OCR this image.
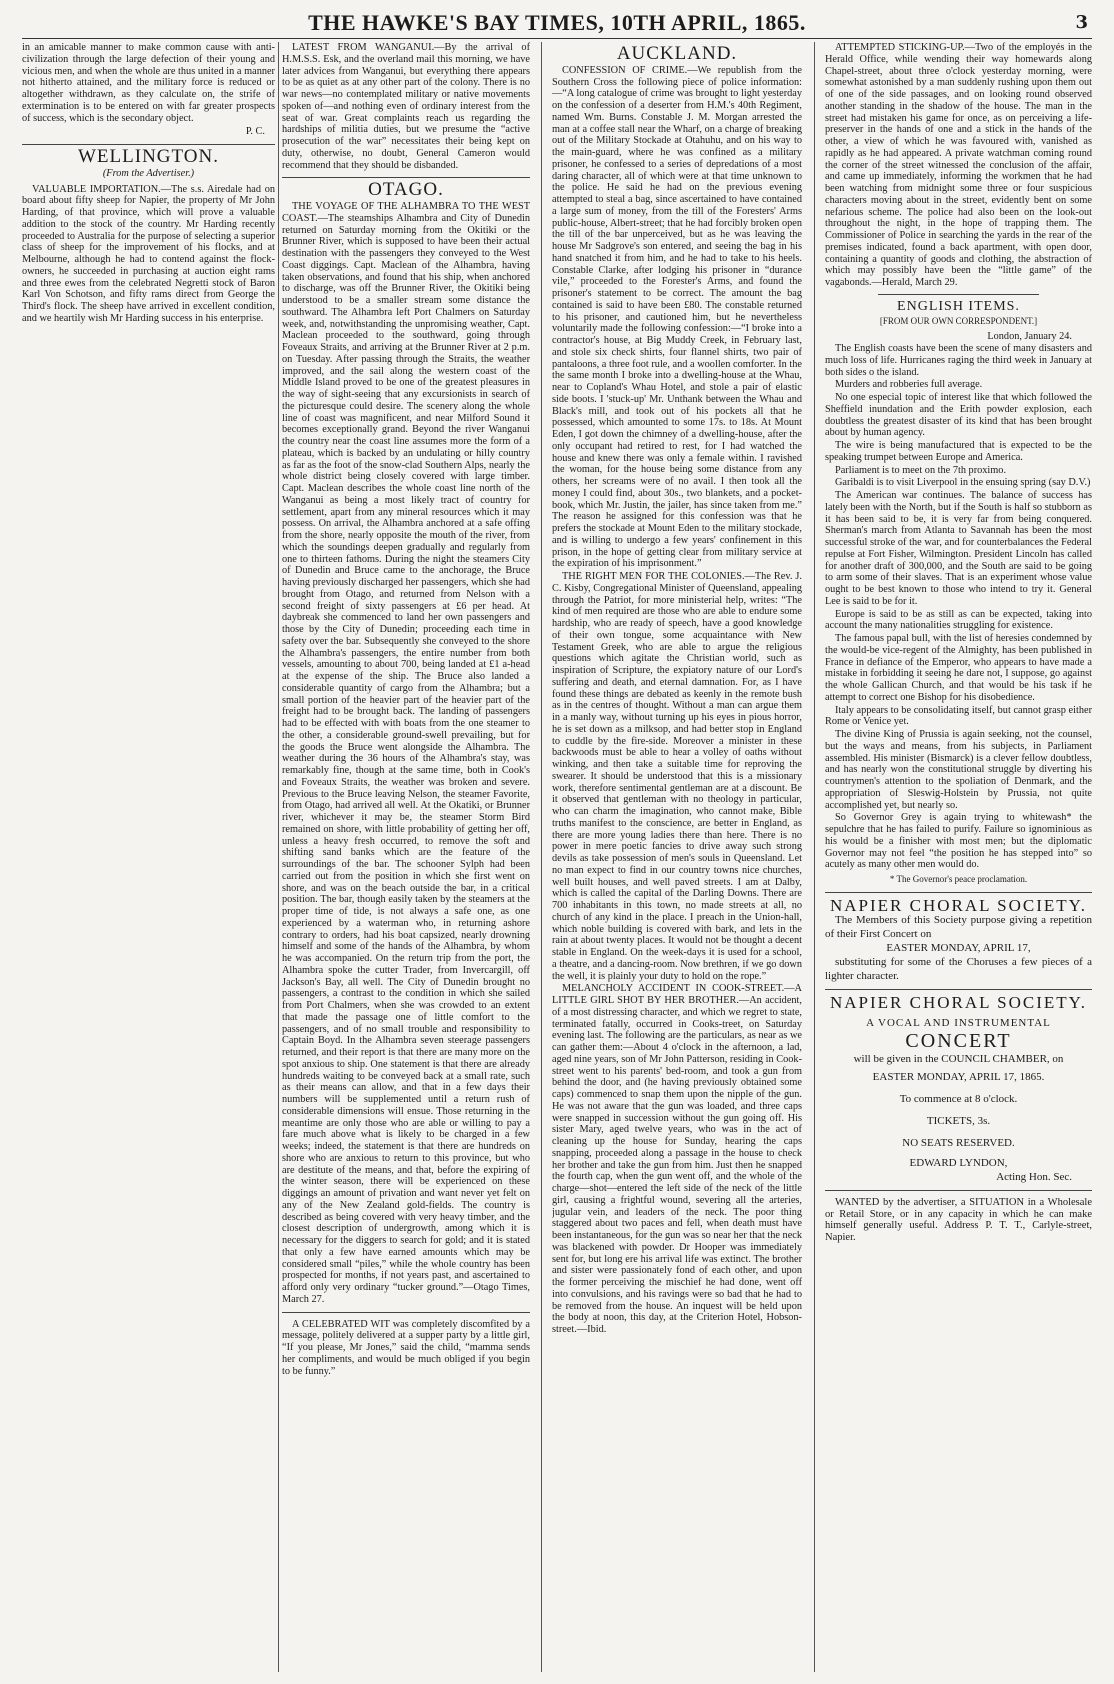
THE HAWKE'S BAY TIMES, 10TH APRIL, 1865.	3

in an amicable manner to make common cause with anti-civilization through the large defection of their young and vicious men, and when the whole are thus united in a manner not hitherto attained, and the military force is reduced or altogether withdrawn, as they calculate on, the strife of extermination is to be entered on with far greater prospects of success, which is the secondary object.

P. C.
WELLINGTON.
(From the Advertiser.)

VALUABLE IMPORTATION.—The s.s. Airedale had on board about fifty sheep for Napier, the property of Mr John Harding, of that province, which will prove a valuable addition to the stock of the country. Mr Harding recently proceeded to Australia for the purpose of selecting a superior class of sheep for the improvement of his flocks, and at Melbourne, although he had to contend against the flock-owners, he succeeded in purchasing at auction eight rams and three ewes from the celebrated Negretti stock of Baron Karl Von Schotson, and fifty rams direct from George the Third's flock. The sheep have arrived in excellent condition, and we heartily wish Mr Harding success in his enterprise.

LATEST FROM WANGANUI.—By the arrival of H.M.S.S. Esk, and the overland mail this morning, we have later advices from Wanganui, but everything there appears to be as quiet as at any other part of the colony. There is no war news—no contemplated military or native movements spoken of—and nothing even of ordinary interest from the seat of war. Great complaints reach us regarding the hardships of militia duties, but we presume the “active prosecution of the war” necessitates their being kept on duty, otherwise, no doubt, General Cameron would recommend that they should be disbanded.

OTAGO.

THE VOYAGE OF THE ALHAMBRA TO THE WEST COAST.—The steamships Alhambra and City of Dunedin returned on Saturday morning from the Okitiki or the Brunner River, which is supposed to have been their actual destination with the passengers they conveyed to the West Coast diggings. Capt. Maclean of the Alhambra, having taken observations, and found that his ship, when anchored to discharge, was off the Brunner River, the Okitiki being understood to be a smaller stream some distance the southward. The Alhambra left Port Chalmers on Saturday week, and, notwithstanding the unpromising weather, Capt. Maclean proceeded to the southward, going through Foveaux Straits, and arriving at the Brunner River at 2 p.m. on Tuesday. After passing through the Straits, the weather improved, and the sail along the western coast of the Middle Island proved to be one of the greatest pleasures in the way of sight-seeing that any excursionists in search of the picturesque could desire. The scenery along the whole line of coast was magnificent, and near Milford Sound it becomes exceptionally grand. Beyond the river Wanganui the country near the coast line assumes more the form of a plateau, which is backed by an undulating or hilly country as far as the foot of the snow-clad Southern Alps, nearly the whole district being closely covered with large timber. Capt. Maclean describes the whole coast line north of the Wanganui as being a most likely tract of country for settlement, apart from any mineral resources which it may possess. On arrival, the Alhambra anchored at a safe offing from the shore, nearly opposite the mouth of the river, from which the soundings deepen gradually and regularly from one to thirteen fathoms. During the night the steamers City of Dunedin and Bruce came to the anchorage, the Bruce having previously discharged her passengers, which she had brought from Otago, and returned from Nelson with a second freight of sixty passengers at £6 per head. At daybreak she commenced to land her own passengers and those by the City of Dunedin; proceeding each time in safety over the bar. Subsequently she conveyed to the shore the Alhambra's passengers, the entire number from both vessels, amounting to about 700, being landed at £1 a-head at the expense of the ship. The Bruce also landed a considerable quantity of cargo from the Alhambra; but a small portion of the heavier part of the heavier part of the freight had to be brought back. The landing of passengers had to be effected with with boats from the one steamer to the other, a considerable ground-swell prevailing, but for the goods the Bruce went alongside the Alhambra. The weather during the 36 hours of the Alhambra's stay, was remarkably fine, though at the same time, both in Cook's and Foveaux Straits, the weather was broken and severe. Previous to the Bruce leaving Nelson, the steamer Favorite, from Otago, had arrived all well. At the Okatiki, or Brunner river, whichever it may be, the steamer Storm Bird remained on shore, with little probability of getting her off, unless a heavy fresh occurred, to remove the soft and shifting sand banks which are the feature of the surroundings of the bar. The schooner Sylph had been carried out from the position in which she first went on shore, and was on the beach outside the bar, in a critical position. The bar, though easily taken by the steamers at the proper time of tide, is not always a safe one, as one experienced by a waterman who, in returning ashore contrary to orders, had his boat capsized, nearly drowning himself and some of the hands of the Alhambra, by whom he was accompanied. On the return trip from the port, the Alhambra spoke the cutter Trader, from Invercargill, off Jackson's Bay, all well. The City of Dunedin brought no passengers, a contrast to the condition in which she sailed from Port Chalmers, when she was crowded to an extent that made the passage one of little comfort to the passengers, and of no small trouble and responsibility to Captain Boyd. In the Alhambra seven steerage passengers returned, and their report is that there are many more on the spot anxious to ship. One statement is that there are already hundreds waiting to be conveyed back at a small rate, such as their means can allow, and that in a few days their numbers will be supplemented until a return rush of considerable dimensions will ensue. Those returning in the meantime are only those who are able or willing to pay a fare much above what is likely to be charged in a few weeks; indeed, the statement is that there are hundreds on shore who are anxious to return to this province, but who are destitute of the means, and that, before the expiring of the winter season, there will be experienced on these diggings an amount of privation and want never yet felt on any of the New Zealand gold-fields. The country is described as being covered with very heavy timber, and the closest description of undergrowth, among which it is necessary for the diggers to search for gold; and it is stated that only a few have earned amounts which may be considered small “piles,” while the whole country has been prospected for months, if not years past, and ascertained to afford only very ordinary “tucker ground.”—Otago Times, March 27.

A CELEBRATED WIT was completely discomfited by a message, politely delivered at a supper party by a little girl, “If you please, Mr Jones,” said the child, “mamma sends her compliments, and would be much obliged if you begin to be funny.”

AUCKLAND.

CONFESSION OF CRIME.—We republish from the Southern Cross the following piece of police information:—“A long catalogue of crime was brought to light yesterday on the confession of a deserter from H.M.'s 40th Regiment, named Wm. Burns. Constable J. M. Morgan arrested the man at a coffee stall near the Wharf, on a charge of breaking out of the Military Stockade at Otahuhu, and on his way to the main-guard, where he was confined as a military prisoner, he confessed to a series of depredations of a most daring character, all of which were at that time unknown to the police. He said he had on the previous evening attempted to steal a bag, since ascertained to have contained a large sum of money, from the till of the Foresters' Arms public-house, Albert-street; that he had forcibly broken open the till of the bar unperceived, but as he was leaving the house Mr Sadgrove's son entered, and seeing the bag in his hand snatched it from him, and he had to take to his heels. Constable Clarke, after lodging his prisoner in “durance vile,” proceeded to the Forester's Arms, and found the prisoner's statement to be correct. The amount the bag contained is said to have been £80. The constable returned to his prisoner, and cautioned him, but he nevertheless voluntarily made the following confession:—“I broke into a contractor's house, at Big Muddy Creek, in February last, and stole six check shirts, four flannel shirts, two pair of pantaloons, a three foot rule, and a woollen comforter. In the the same month I broke into a dwelling-house at the Whau, near to Copland's Whau Hotel, and stole a pair of elastic side boots. I 'stuck-up' Mr. Unthank between the Whau and Black's mill, and took out of his pockets all that he possessed, which amounted to some 17s. to 18s. At Mount Eden, I got down the chimney of a dwelling-house, after the only occupant had retired to rest, for I had watched the house and knew there was only a female within. I ravished the woman, for the house being some distance from any others, her screams were of no avail. I then took all the money I could find, about 30s., two blankets, and a pocket-book, which Mr. Justin, the jailer, has since taken from me.” The reason he assigned for this confession was that he prefers the stockade at Mount Eden to the military stockade, and is willing to undergo a few years' confinement in this prison, in the hope of getting clear from military service at the expiration of his imprisonment.”

THE RIGHT MEN FOR THE COLONIES.—The Rev. J. C. Kisby, Congregational Minister of Queensland, appealing through the Patriot, for more ministerial help, writes: “The kind of men required are those who are able to endure some hardship, who are ready of speech, have a good knowledge of their own tongue, some acquaintance with New Testament Greek, who are able to argue the religious questions which agitate the Christian world, such as inspiration of Scripture, the expiatory nature of our Lord's suffering and death, and eternal damnation. For, as I have found these things are debated as keenly in the remote bush as in the centres of thought. Without a man can argue them in a manly way, without turning up his eyes in pious horror, he is set down as a milksop, and had better stop in England to cuddle by the fire-side. Moreover a minister in these backwoods must be able to hear a volley of oaths without winking, and then take a suitable time for reproving the swearer. It should be understood that this is a missionary work, therefore sentimental gentleman are at a discount. Be it observed that gentleman with no theology in particular, who can charm the imagination, who cannot make, Bible truths manifest to the conscience, are better in England, as there are more young ladies there than here. There is no power in mere poetic fancies to drive away such strong devils as take possession of men's souls in Queensland. Let no man expect to find in our country towns nice churches, well built houses, and well paved streets. I am at Dalby, which is called the capital of the Darling Downs. There are 700 inhabitants in this town, no made streets at all, no church of any kind in the place. I preach in the Union-hall, which noble building is covered with bark, and lets in the rain at about twenty places. It would not be thought a decent stable in England. On the week-days it is used for a school, a theatre, and a dancing-room. Now brethren, if we go down the well, it is plainly your duty to hold on the rope.”

MELANCHOLY ACCIDENT IN COOK-STREET.—A LITTLE GIRL SHOT BY HER BROTHER.—An accident, of a most distressing character, and which we regret to state, terminated fatally, occurred in Cooks-treet, on Saturday evening last. The following are the particulars, as near as we can gather them:—About 4 o'clock in the afternoon, a lad, aged nine years, son of Mr John Patterson, residing in Cook-street went to his parents' bed-room, and took a gun from behind the door, and (he having previously obtained some caps) commenced to snap them upon the nipple of the gun. He was not aware that the gun was loaded, and three caps were snapped in succession without the gun going off. His sister Mary, aged twelve years, who was in the act of cleaning up the house for Sunday, hearing the caps snapping, proceeded along a passage in the house to check her brother and take the gun from him. Just then he snapped the fourth cap, when the gun went off, and the whole of the charge—shot—entered the left side of the neck of the little girl, causing a frightful wound, severing all the arteries, jugular vein, and leaders of the neck. The poor thing staggered about two paces and fell, when death must have been instantaneous, for the gun was so near her that the neck was blackened with powder. Dr Hooper was immediately sent for, but long ere his arrival life was extinct. The brother and sister were passionately fond of each other, and upon the former perceiving the mischief he had done, went off into convulsions, and his ravings were so bad that he had to be removed from the house. An inquest will be held upon the body at noon, this day, at the Criterion Hotel, Hobson-street.—Ibid.

ATTEMPTED STICKING-UP.—Two of the employés in the Herald Office, while wending their way homewards along Chapel-street, about three o'clock yesterday morning, were somewhat astonished by a man suddenly rushing upon them out of one of the side passages, and on looking round observed another standing in the shadow of the house. The man in the street had mistaken his game for once, as on perceiving a life-preserver in the hands of one and a stick in the hands of the other, a view of which he was favoured with, vanished as rapidly as he had appeared. A private watchman coming round the corner of the street witnessed the conclusion of the affair, and came up immediately, informing the workmen that he had been watching from midnight some three or four suspicious characters moving about in the street, evidently bent on some nefarious scheme. The police had also been on the look-out throughout the night, in the hope of trapping them. The Commissioner of Police in searching the yards in the rear of the premises indicated, found a back apartment, with open door, containing a quantity of goods and clothing, the abstraction of which may possibly have been the “little game” of the vagabonds.—Herald, March 29.

ENGLISH ITEMS.
[FROM OUR OWN CORRESPONDENT.]
London, January 24.

The English coasts have been the scene of many disasters and much loss of life. Hurricanes raging the third week in January at both sides o the island.

Murders and robberies full average.

No one especial topic of interest like that which followed the Sheffield inundation and the Erith powder explosion, each doubtless the greatest disaster of its kind that has been brought about by human agency.

The wire is being manufactured that is expected to be the speaking trumpet between Europe and America.

Parliament is to meet on the 7th proximo.

Garibaldi is to visit Liverpool in the ensuing spring (say D.V.)

The American war continues. The balance of success has lately been with the North, but if the South is half so stubborn as it has been said to be, it is very far from being conquered. Sherman's march from Atlanta to Savannah has been the most successful stroke of the war, and for counterbalances the Federal repulse at Fort Fisher, Wilmington. President Lincoln has called for another draft of 300,000, and the South are said to be going to arm some of their slaves. That is an experiment whose value ought to be best known to those who intend to try it. General Lee is said to be for it.

Europe is said to be as still as can be expected, taking into account the many nationalities struggling for existence.

The famous papal bull, with the list of heresies condemned by the would-be vice-regent of the Almighty, has been published in France in defiance of the Emperor, who appears to have made a mistake in forbidding it seeing he dare not, I suppose, go against the whole Gallican Church, and that would be his task if he attempt to correct one Bishop for his disobedience.

Italy appears to be consolidating itself, but cannot grasp either Rome or Venice yet.

The divine King of Prussia is again seeking, not the counsel, but the ways and means, from his subjects, in Parliament assembled. His minister (Bismarck) is a clever fellow doubtless, and has nearly won the constitutional struggle by diverting his countrymen's attention to the spoliation of Denmark, and the appropriation of Sleswig-Holstein by Prussia, not quite accomplished yet, but nearly so.

So Governor Grey is again trying to whitewash* the sepulchre that he has failed to purify. Failure so ignominious as his would be a finisher with most men; but the diplomatic Governor may not feel “the position he has stepped into” so acutely as many other men would do.

* The Governor's peace proclamation.
NAPIER CHORAL SOCIETY.
The Members of this Society purpose giving a repetition of their First Concert on
EASTER MONDAY, APRIL 17,
substituting for some of the Choruses a few pieces of a lighter character.
NAPIER CHORAL SOCIETY.
A VOCAL AND INSTRUMENTAL
CONCERT
will be given in the COUNCIL CHAMBER, on
EASTER MONDAY, APRIL 17, 1865.
To commence at 8 o'clock.
TICKETS, 3s.
NO SEATS RESERVED.
EDWARD LYNDON,
Acting Hon. Sec.
WANTED by the advertiser, a SITUATION in a Wholesale or Retail Store, or in any capacity in which he can make himself generally useful. Address P. T. T., Carlyle-street, Napier.
